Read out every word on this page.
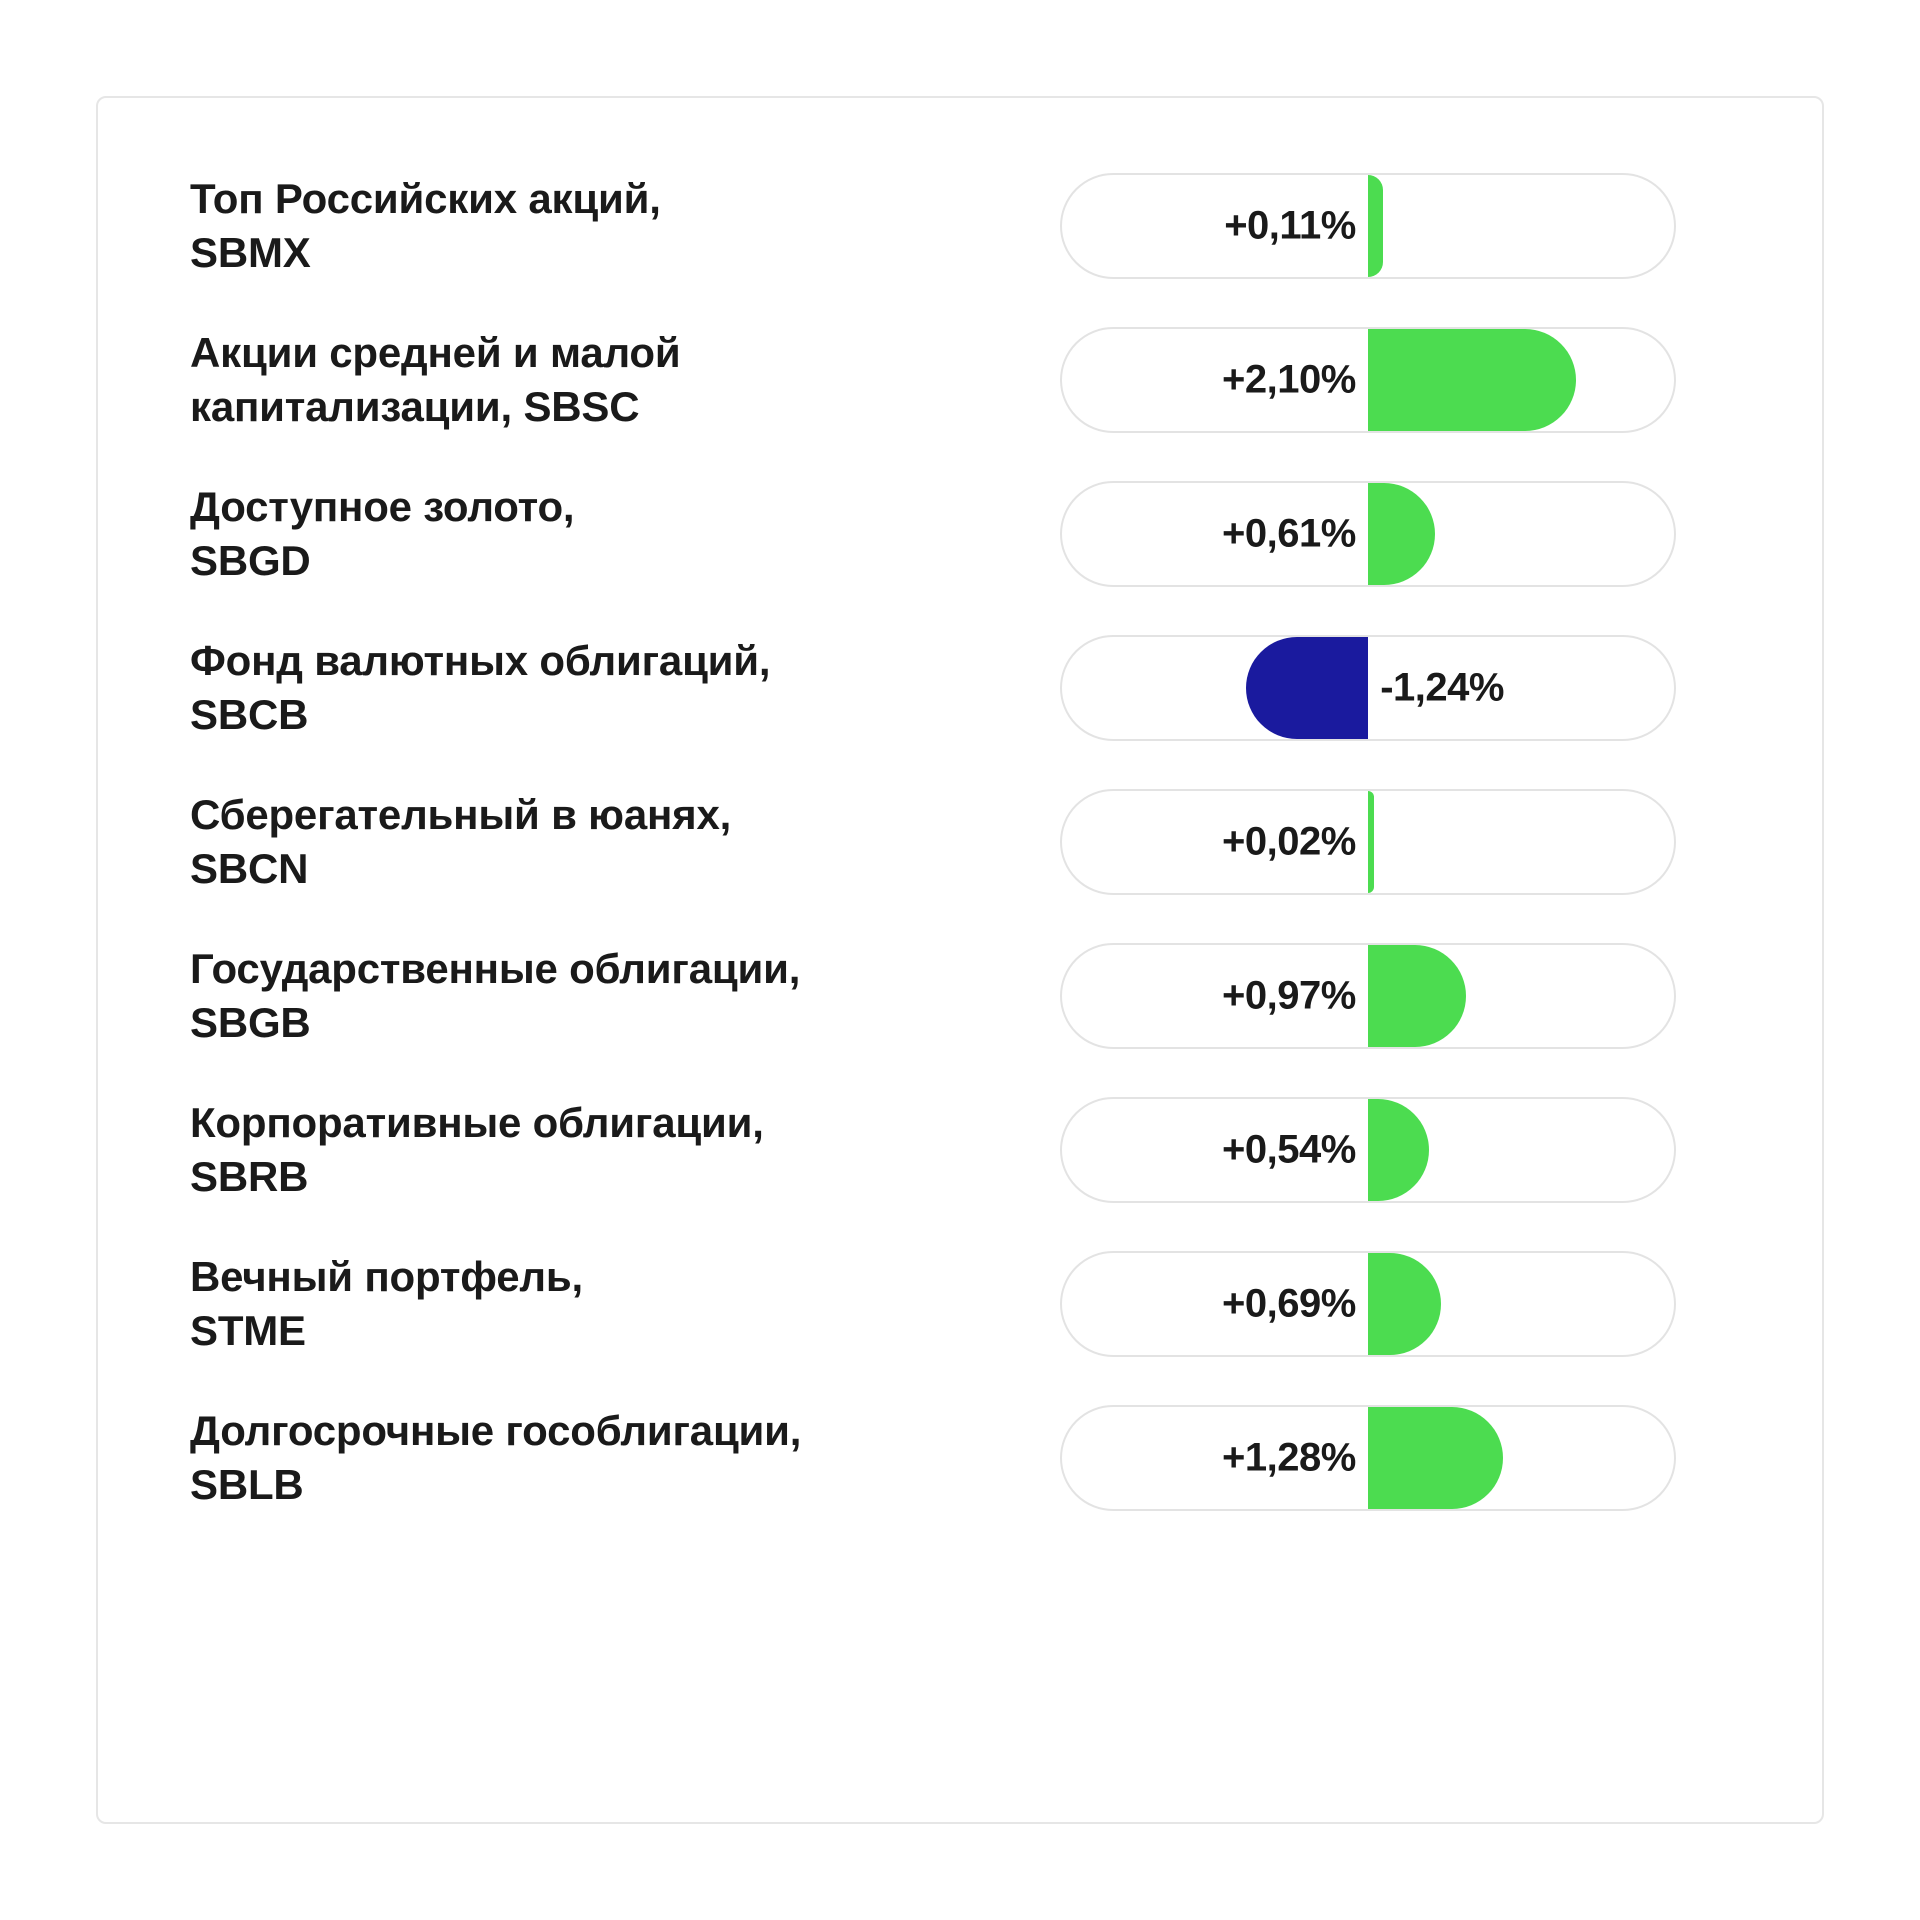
Топ Российских акций,
SBMX
+0,11%
Акции средней и малой
капитализации, SBSC
+2,10%
Доступное золото,
SBGD
+0,61%
Фонд валютных облигаций,
SBCB
-1,24%
Сберегательный в юанях,
SBCN
+0,02%
Государственные облигации,
SBGB
+0,97%
Корпоративные облигации,
SBRB
+0,54%
Вечный портфель,
STME
+0,69%
Долгосрочные гособлигации,
SBLB
+1,28%
